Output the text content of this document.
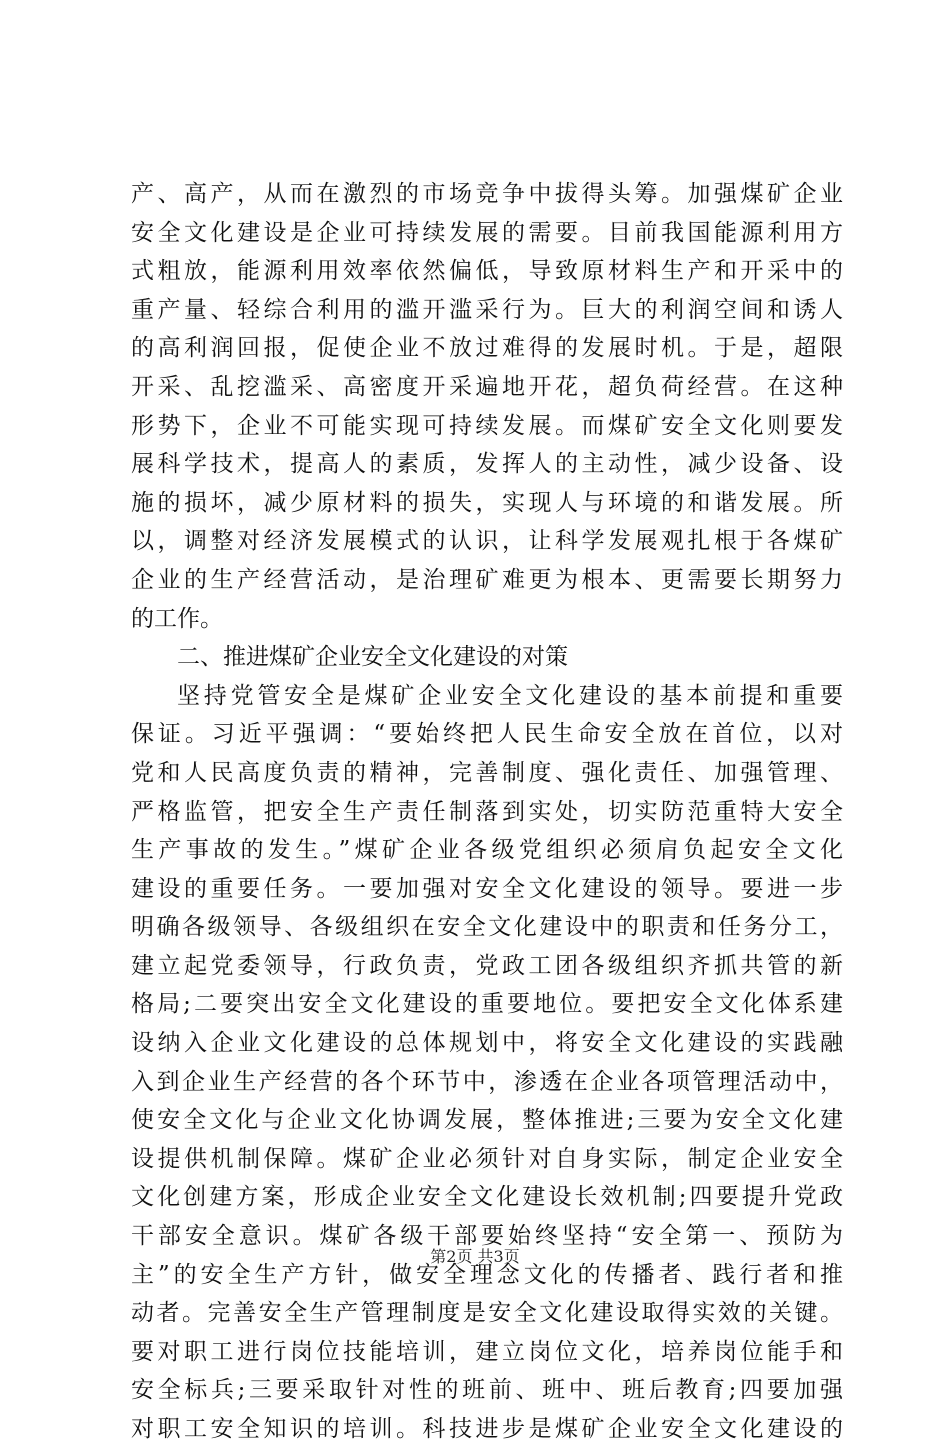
产、高产，从而在激烈的市场竞争中拔得头筹。加强煤矿企业
安全文化建设是企业可持续发展的需要。目前我国能源利用方
式粗放，能源利用效率依然偏低，导致原材料生产和开采中的
重产量、轻综合利用的滥开滥采行为。巨大的利润空间和诱人
的高利润回报，促使企业不放过难得的发展时机。于是，超限
开采、乱挖滥采、高密度开采遍地开花，超负荷经营。在这种
形势下，企业不可能实现可持续发展。而煤矿安全文化则要发
展科学技术，提高人的素质，发挥人的主动性，减少设备、设
施的损坏，减少原材料的损失，实现人与环境的和谐发展。所
以，调整对经济发展模式的认识，让科学发展观扎根于各煤矿
企业的生产经营活动，是治理矿难更为根本、更需要长期努力
的工作。
二、推进煤矿企业安全文化建设的对策
坚持党管安全是煤矿企业安全文化建设的基本前提和重要
保证。习近平强调：“要始终把人民生命安全放在首位，以对
党和人民高度负责的精神，完善制度、强化责任、加强管理、
严格监管，把安全生产责任制落到实处，切实防范重特大安全
生产事故的发生。”煤矿企业各级党组织必须肩负起安全文化
建设的重要任务。一要加强对安全文化建设的领导。要进一步
明确各级领导、各级组织在安全文化建设中的职责和任务分工，
建立起党委领导，行政负责，党政工团各级组织齐抓共管的新
格局;二要突出安全文化建设的重要地位。要把安全文化体系建
设纳入企业文化建设的总体规划中，将安全文化建设的实践融
入到企业生产经营的各个环节中，渗透在企业各项管理活动中，
使安全文化与企业文化协调发展，整体推进;三要为安全文化建
设提供机制保障。煤矿企业必须针对自身实际，制定企业安全
文化创建方案，形成企业安全文化建设长效机制;四要提升党政
干部安全意识。煤矿各级干部要始终坚持“安全第一、预防为
主”的安全生产方针，做安全理念文化的传播者、践行者和推
动者。完善安全生产管理制度是安全文化建设取得实效的关键。
要对职工进行岗位技能培训，建立岗位文化，培养岗位能手和
安全标兵;三要采取针对性的班前、班中、班后教育;四要加强
对职工安全知识的培训。科技进步是煤矿企业安全文化建设的
第2页 共3页
